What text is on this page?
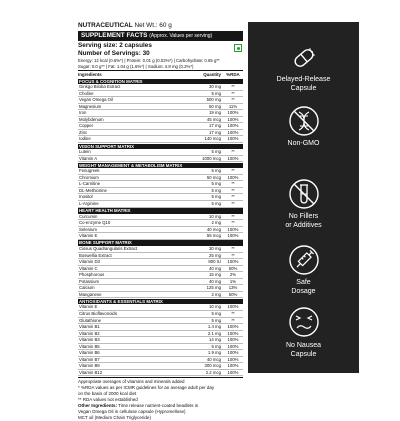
NUTRACEUTICAL Net Wt.: 60 g
SUPPLEMENT FACTS (Approx. Values per serving)
Serving size: 2 capsules
Number of Servings: 30
Energy: 12 kcal (0.6%*) | Protein: 0.01 g (0.02%*) | Carbohydrate: 0.65 g**
Sugar: 0.0 g** | Fat: 1.04 g (1.6%*) | Sodium: 4.8 mg (0.2%*)
Ingredients	Quantity	%RDA
FOCUS & COGNITION MATRIX
Ginkgo Biloba Extract	30 mg	**
Choline	5 mg	**
Vegan Omega Oil	500 mg	**
Magnesium	50 mg	11%
Iron	19 mg	100%
Molybdenum	45 mcg	100%
Copper	17 mg	100%
Zinc	17 mg	100%
Iodine	140 mcg	100%
VISION SUPPORT MATRIX
Lutein	5 mg	**
Vitamin A	1000 mcg	100%
WEIGHT MANAGEMENT & METABOLISM MATRIX
Fenugreek	5 mg	**
Chromium	50 mcg	100%
L-Carnitine	5 mg	**
DL-Methionine	5 mg	**
Inositol	5 mg	**
L-Arginine	5 mg	**
HEART HEALTH MATRIX
Curcumin	10 mg	**
Co-enzyme Q10	2 mg	**
Selenium	40 mcg	100%
Vitamin E	55 mcg	100%
BONE SUPPORT MATRIX
Cissus Quadrangularis Extract	30 mg	**
Boswellia Extract	25 mg	**
Vitamin D3	800 IU	100%
Vitamin C	40 mg	50%
Phosphorous	15 mg	2%
Potassium	40 mg	1%
Calcium	125 mg	13%
Manganese	2 mg	50%
ANTIOXIDANTS & ESSENTIALS MATRIX
Vitamin E	10 mg	100%
Citrus Bioflavonoids	5 mg	**
Glutathione	5 mg	**
Vitamin B1	1.4 mg	100%
Vitamin B2	2.1 mg	100%
Vitamin B3	14 mg	100%
Vitamin B5	5 mg	100%
Vitamin B6	1.9 mg	100%
Vitamin B7	40 mcg	100%
Vitamin B9	300 mcg	100%
Vitamin B12	2.2 mcg	100%
Appropriate overages of vitamins and minerals added
* %RDA values as per ICMR guidelines for an average adult per day
on the basis of 2000 kcal diet
** RDA values not established
Other Ingredients: Time release nutrient-coated beadlets in
Vegan Omega Oil in cellulose capsule (Hypromellose)
MCT oil (Medium Chain Triglyceride)
Delayed-Release
Capsule
Non-GMO
No Fillers
or Additives
Safe
Dosage
No Nausea
Capsule
